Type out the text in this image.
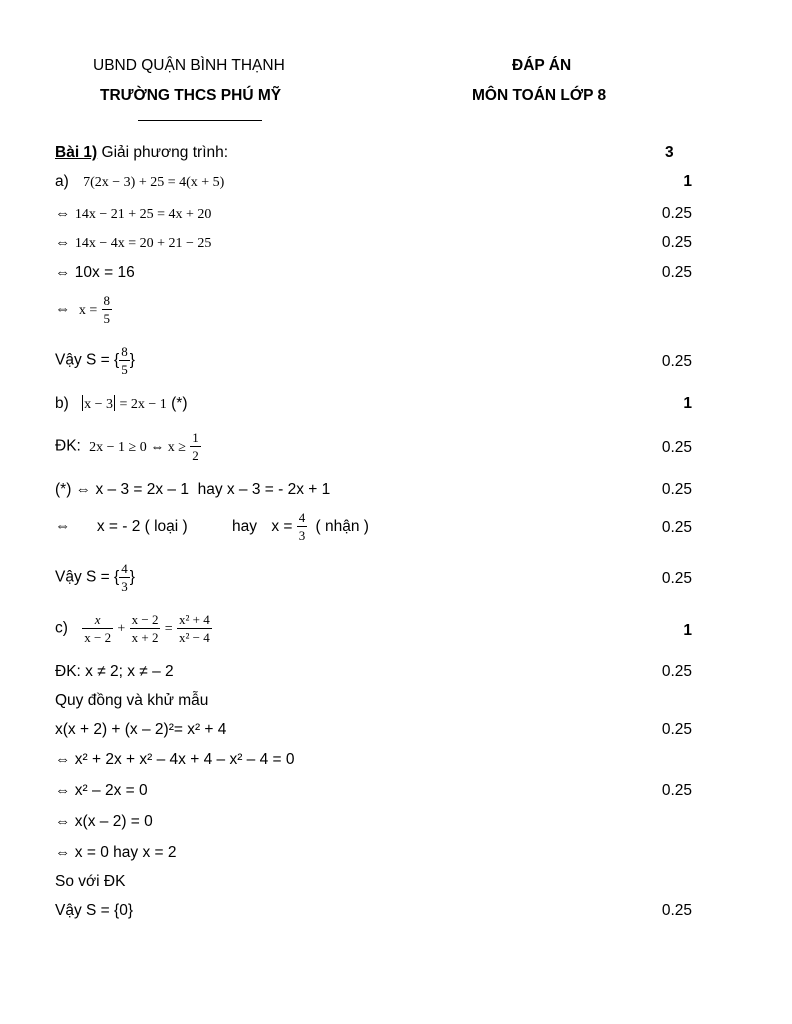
UBND QUẬN BÌNH THẠNH
TRƯỜNG THCS PHÚ MỸ
ĐÁP ÁN
MÔN TOÁN LỚP 8
Bài 1) Giải phương trình:	3
a) 7(2x − 3) + 25 = 4(x + 5)	1
⇔ 14x − 21 + 25 = 4x + 20	0.25
⇔ 14x − 4x = 20 + 21 − 25	0.25
⇔ 10x = 16	0.25
⇔ $x = \frac{8}{5}$
Vậy S = { $\frac{8}{5}$ }	0.25
b) x − 3 = 2x − 1 (*)	1
ĐK: 2x − 1 ≥ 0 ⇔ $x \ge \frac{1}{2}$	0.25
(*) ⇔ x – 3 = 2x – 1  hay x – 3 = - 2x + 1	0.25
⇔ x = - 2 ( loại )	hay $x = \frac{4}{3}$ ( nhận )	0.25
Vậy S = { $\frac{4}{3}$ }	0.25
$c) \frac{x}{x - 2} + \frac{x - 2}{x + 2} = \frac{\text{x² + 4}}{\text{x² − 4}}$	1
ĐK: x ≠ 2; x ≠ – 2	0.25
Quy đồng và khử mẫu
x(x + 2) + (x – 2)²= x² + 4	0.25
⇔ x² + 2x + x² – 4x + 4 – x² – 4 = 0
⇔ x² – 2x = 0	0.25
⇔ x(x – 2) = 0
⇔ x = 0 hay x = 2
So với ĐK
Vậy S = {0}	0.25
